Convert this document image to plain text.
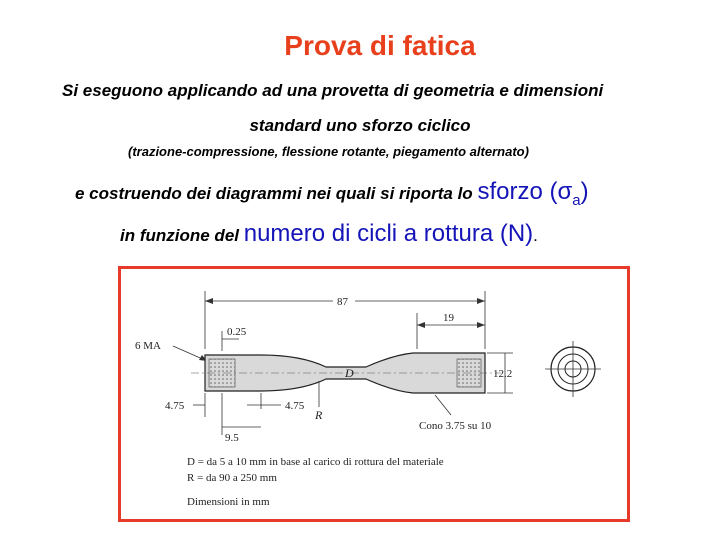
Prova di fatica
Si eseguono applicando ad una provetta di geometria e dimensioni
standard uno sforzo ciclico
(trazione-compressione, flessione rotante, piegamento alternato)
e costruendo dei diagrammi nei quali si riporta lo sforzo $(\sigma_a)$
in funzione del numero di cicli a rottura (N).
87
19
0.25
6 MA
D	12.2
4.75	4.75
R
9.5
Cono 3.75 su 10
D = da 5 a 10 mm in base al carico di rottura del materiale
R = da 90 a 250 mm
Dimensioni in mm
